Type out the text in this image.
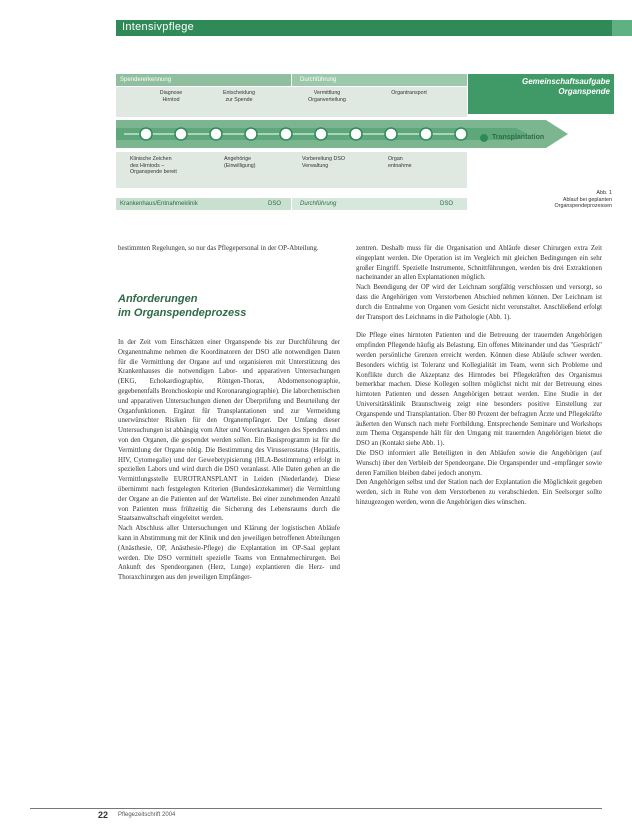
Intensivpflege
Spendererkennung	Durchführung
Diagnose
Hirntod
Entscheidung
zur Spende
Vermittlung
Organverteilung
Organtransport
Gemeinschaftsaufgabe
Organspende
Transplantation
Klinische Zeichen
des Hirntods –
Organspende bereit
Angehörige
(Einwilligung)
Vorbereitung DSO
Verwaltung
Organ
entnahme
Krankenhaus/Entnahmeklinik	DSO	Durchführung	DSO
Abb. 1
Ablauf bei geplanten
Organspendeprozessen

bestimmten Regelungen, so nur das Pflegepersonal in der OP-Abteilung.

Anforderungen
im Organspendeprozess

In der Zeit vom Einschätzen einer Organspende bis zur Durchführung der Organentnahme nehmen die Koordinatoren der DSO alle notwendigen Daten für die Vermittlung der Organe auf und organisieren mit Unterstützung des Krankenhauses die notwendigen Labor- und apparativen Untersuchungen (EKG, Echokardiographie, Röntgen-Thorax, Abdomensonographie, gegebenenfalls Bronchoskopie und Koronarangiographie). Die laborchemischen und apparativen Untersuchungen dienen der Überprüfung und Beurteilung der Organfunktionen. Ergänzt für Transplantationen und zur Vermeidung unerwünschter Risiken für den Organempfänger. Der Umfang dieser Untersuchungen ist abhängig vom Alter und Vorerkrankungen des Spenders und von den Organen, die gespendet werden sollen. Ein Basisprogramm ist für die Vermittlung der Organe nötig. Die Bestimmung des Virusserostatus (Hepatitis, HIV, Cytomegalie) und der Gewebetypisierung (HLA-Bestimmung) erfolgt in speziellen Labors und wird durch die DSO veranlasst. Alle Daten gehen an die Vermittlungsstelle EUROTRANSPLANT in Leiden (Niederlande). Diese übernimmt nach festgelegten Kriterien (Bundesärztekammer) die Vermittlung der Organe an die Patienten auf der Warteliste. Bei einer zunehmenden Anzahl von Patienten muss frühzeitig die Sicherung des Lebensraums durch die Staatsanwaltschaft eingeleitet werden.

Nach Abschluss aller Untersuchungen und Klärung der logistischen Abläufe kann in Abstimmung mit der Klinik und den jeweiligen betroffenen Abteilungen (Anästhesie, OP, Anästhesie-Pflege) die Explantation im OP-Saal geplant werden. Die DSO vermittelt spezielle Teams von Entnahmechirurgen. Bei Ankunft des Spendeorganen (Herz, Lunge) explantieren die Herz- und Thoraxchirurgen aus den jeweiligen Empfänger-

zentren. Deshalb muss für die Organisation und Abläufe dieser Chirurgen extra Zeit eingeplant werden. Die Operation ist im Vergleich mit gleichen Bedingungen ein sehr großer Eingriff. Spezielle Instrumente, Schnittführungen, werden bis drei Extraktionen nacheinander an allen Explantationen möglich.

Nach Beendigung der OP wird der Leichnam sorgfältig verschlossen und versorgt, so dass die Angehörigen vom Verstorbenen Abschied nehmen können. Der Leichnam ist durch die Entnahme von Organen vom Gesicht nicht verunstaltet. Anschließend erfolgt der Transport des Leichnams in die Pathologie (Abb. 1).

Die Pflege eines hirntoten Patienten und die Betreuung der trauernden Angehörigen empfinden Pflegende häufig als Belastung. Ein offenes Miteinander und das "Gespräch" werden persönliche Grenzen erreicht werden. Können diese Abläufe schwer werden. Besonders wichtig ist Toleranz und Kollegialität im Team, wenn sich Probleme und Konflikte durch die Akzeptanz des Hirntodes bei Pflegekräften des Organismus bemerkbar machen. Diese Kollegen sollten möglichst nicht mit der Betreuung eines hirntoten Patienten und dessen Angehörigen betraut werden. Eine Studie in der Universitätsklinik Braunschweig zeigt eine besonders positive Einstellung zur Organspende und Transplantation. Über 80 Prozent der befragten Ärzte und Pflegekräfte äußerten den Wunsch nach mehr Fortbildung. Entsprechende Seminare und Workshops zum Thema Organspende hält für den Umgang mit trauernden Angehörigen bietet die DSO an (Kontakt siehe Abb. 1).

Die DSO informiert alle Beteiligten in den Abläufen sowie die Angehörigen (auf Wunsch) über den Verbleib der Spendeorgane. Die Organspender und -empfänger sowie deren Familien bleiben dabei jedoch anonym.

Den Angehörigen selbst und der Station nach der Explantation die Möglichkeit gegeben werden, sich in Ruhe von dem Verstorbenen zu verabschieden. Ein Seelsorger sollte hinzugezogen werden, wenn die Angehörigen dies wünschen.

22 Pflegezeitschrift 2004
